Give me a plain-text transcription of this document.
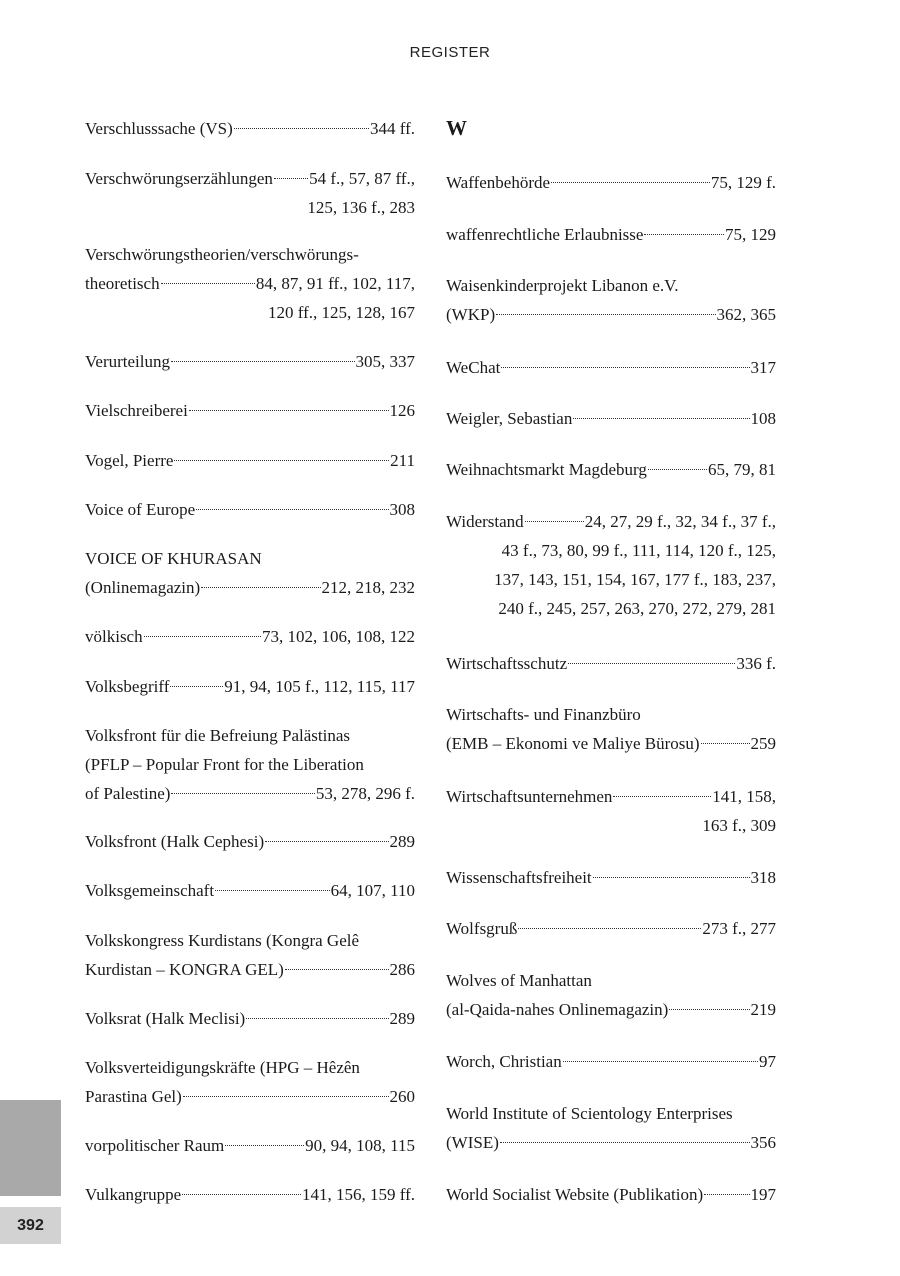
REGISTER
Verschlusssache (VS)	344 ff.
Verschwörungserzählungen 54 f., 57, 87 ff.,
125, 136 f., 283
Verschwörungstheorien/verschwörungs-
theoretisch	84, 87, 91 ff., 102, 117,
120 ff., 125, 128, 167
Verurteilung	305, 337
Vielschreiberei	126
Vogel, Pierre	211
Voice of Europe	308
VOICE OF KHURASAN
(Onlinemagazin)	212, 218, 232
völkisch	73, 102, 106, 108, 122
Volksbegriff	91, 94, 105 f., 112, 115, 117
Volksfront für die Befreiung Palästinas
(PFLP – Popular Front for the Liberation
of Palestine)	53, 278, 296 f.
Volksfront (Halk Cephesi)	289
Volksgemeinschaft	64, 107, 110
Volkskongress Kurdistans (Kongra Gelê
Kurdistan – KONGRA GEL)	286
Volksrat (Halk Meclisi)	289
Volksverteidigungskräfte (HPG – Hêzên
Parastina Gel)	260
vorpolitischer Raum	90, 94, 108, 115
Vulkangruppe	141, 156, 159 ff.
W
Waffenbehörde	75, 129 f.
waffenrechtliche Erlaubnisse	75, 129
Waisenkinderprojekt Libanon e.V.
(WKP)	362, 365
WeChat	317
Weigler, Sebastian	108
Weihnachtsmarkt Magdeburg	65, 79, 81
Widerstand	24, 27, 29 f., 32, 34 f., 37 f.,
43 f., 73, 80, 99 f., 111, 114, 120 f., 125,
137, 143, 151, 154, 167, 177 f., 183, 237,
240 f., 245, 257, 263, 270, 272, 279, 281
Wirtschaftsschutz	336 f.
Wirtschafts- und Finanzbüro
(EMB – Ekonomi ve Maliye Bürosu)	259
Wirtschaftsunternehmen	141, 158,
163 f., 309
Wissenschaftsfreiheit	318
Wolfsgruß	273 f., 277
Wolves of Manhattan
(al-Qaida-nahes Onlinemagazin)	219
Worch, Christian	97
World Institute of Scientology Enterprises
(WISE)	356
World Socialist Website (Publikation)	197
392
